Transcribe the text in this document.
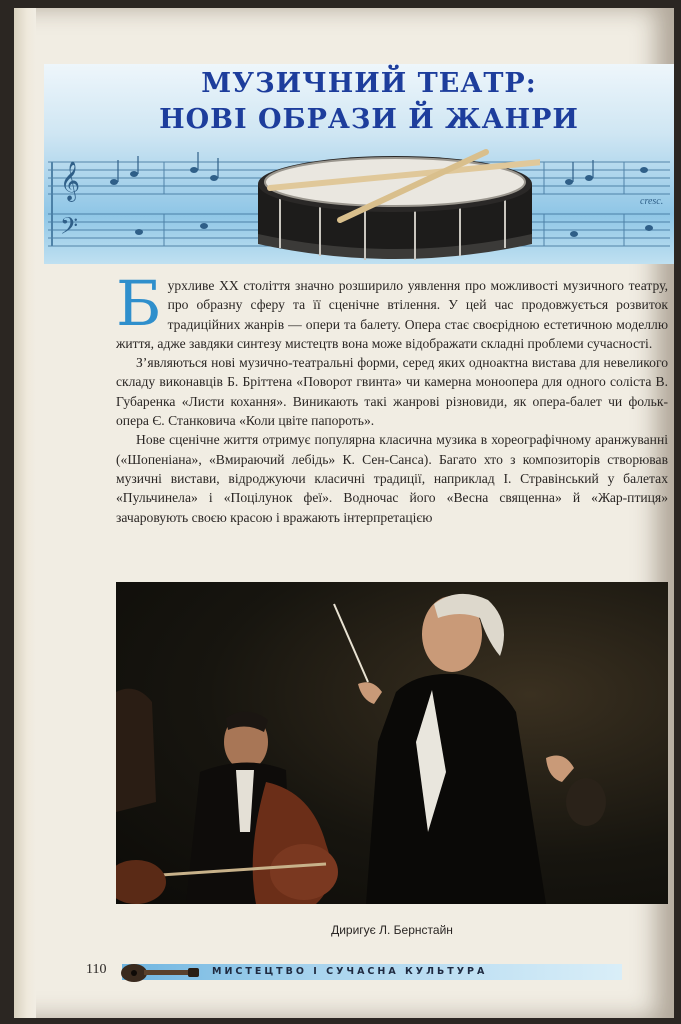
𝄞
𝄢
cresc.
МУЗИЧНИЙ ТЕАТР:
НОВІ ОБРАЗИ Й ЖАНРИ

Бурхливе XX століття значно розширило уявлення про можливості музичного театру, про образну сферу та її сценічне втілення. У цей час продовжується розвиток традиційних жанрів — опери та балету. Опера стає своєрідною естетичною моделлю життя, адже завдяки синтезу мистецтв вона може відображати складні проблеми сучасності.

З’являються нові музично-театральні форми, серед яких одноактна вистава для невеликого складу виконавців Б. Бріттена «Поворот гвинта» чи камерна монoопера для одного соліста В. Губаренка «Листи кохання». Виникають такі жанрові різновиди, як опера-балет чи фольк-опера Є. Станковича «Коли цвіте папороть».

Нове сценічне життя отримує популярна класична музика в хореографічному аранжуванні («Шопеніана», «Вмираючий лебідь» К. Сен-Санса). Багато хто з композиторів створював музичні вистави, відроджуючи класичні традиції, наприклад І. Стравінський у балетах «Пульчинела» і «Поцілунок феї». Водночас його «Весна священна» й «Жар-птиця» зачаровують своєю красою і вражають інтерпретацією

Диригує Л. Бернстайн
110	МИСТЕЦТВО І СУЧАСНА КУЛЬТУРА
